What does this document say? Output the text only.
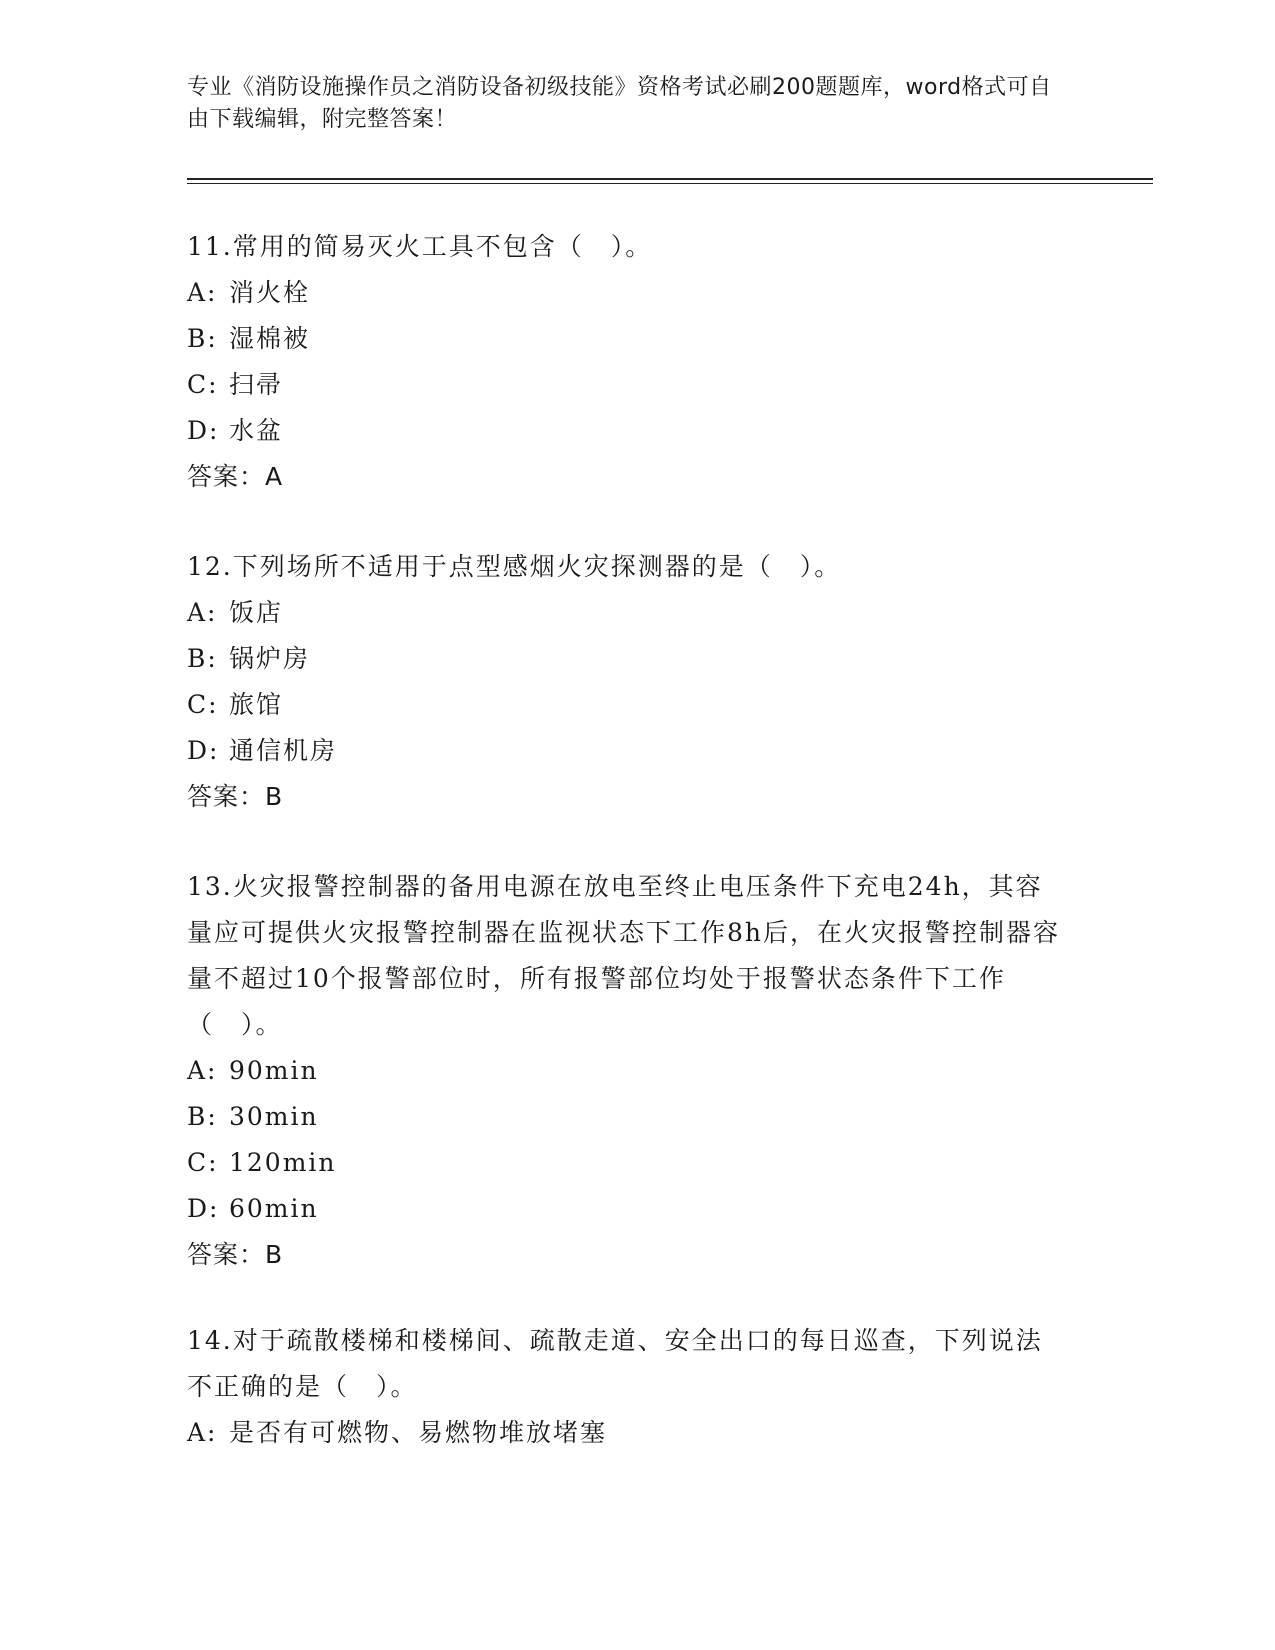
专业《消防设施操作员之消防设备初级技能》资格考试必刷200题题库，word格式可自由下载编辑，附完整答案！

11.常用的简易灭火工具不包含（　）。

A: 消火栓

B: 湿棉被

C: 扫帚

D: 水盆

答案：A

12.下列场所不适用于点型感烟火灾探测器的是（　）。

A: 饭店

B: 锅炉房

C: 旅馆

D: 通信机房

答案：B

13.火灾报警控制器的备用电源在放电至终止电压条件下充电24h，其容量应可提供火灾报警控制器在监视状态下工作8h后，在火灾报警控制器容量不超过10个报警部位时，所有报警部位均处于报警状态条件下工作（　）。

A: 90min

B: 30min

C: 120min

D: 60min

答案：B

14.对于疏散楼梯和楼梯间、疏散走道、安全出口的每日巡查，下列说法不正确的是（　）。

A: 是否有可燃物、易燃物堆放堵塞
